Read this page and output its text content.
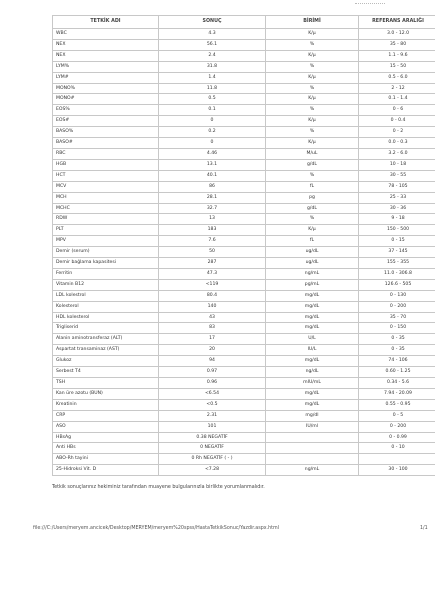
TETKİK ADI	SONUÇ	BİRİMİ	REFERANS ARALIĞI
WBC	4.3	K/µ	3.0 - 12.0
NEX	56.1	%	35 - 80
NEX	2.4	K/µ	1.1 - 9.6
LYM%	31.8	%	15 - 50
LYM#	1.4	K/µ	0.5 - 6.0
MONO%	11.8	%	2 - 12
MONO#	0.5	K/µ	0.1 - 1.4
EOS%	0.1	%	0 - 6
EOS#	0	K/µ	0 - 0.4
BASO%	0.2	%	0 - 2
BASO#	0	K/µ	0.0 - 0.3
RBC	4.46	M/uL	3.2 - 6.0
HGB	13.1	g/dL	10 - 18
HCT	40.1	%	30 - 55
MCV	86	fL	78 - 105
MCH	28.1	pg	25 - 33
MCHC	32.7	g/dL	30 - 36
RDW	13	%	9 - 18
PLT	183	K/µ	150 - 500
MPV	7.6	fL	0 - 15
Demir (serum)	50	ug/dL	37 - 145
Demir bağlama kapasitesi	287	ug/dL	155 - 355
Ferritin	47.3	ng/mL	11.0 - 306.8
Vitamin B12	<119	pg/mL	126.6 - 505
LDL kolestrol	80.4	mg/dL	0 - 130
Kolesterol	140	mg/dL	0 - 200
HDL kolesterol	43	mg/dL	35 - 70
Trigliserid	83	mg/dL	0 - 150
Alanin aminotransferaz (ALT)	17	U/L	0 - 35
Aspartat transaminaz (AST)	20	IU/L	0 - 35
Glukoz	94	mg/dL	74 - 106
Serbest T4	0.97	ng/dL	0.60 - 1.25
TSH	0.96	mIU/mL	0.34 - 5.6
Kan üre azotu (BUN)	<6.54	mg/dL	7.94 - 20.09
Kreatinin	<0.5	mg/dL	0.55 - 0.95
CRP	2.31	mg/dl	0 - 5
ASO	101	IU/ml	0 - 200
HBsAg	0.38 NEGATİF		0 - 0.99
Anti HBs	0 NEGATİF		0 - 10
ABO-Rh tayini	0 Rh NEGATİF ( - )		
25-Hidroksi Vit. D	<7.28	ng/mL	30 - 100
Tetkik sonuçlarınız hekiminiz tarafından muayene bulgularınızla birlikte yorumlanmalıdır.
file:///C:/Users/meryem.ancicek/Desktop/MERYEM/meryem%20spss/HastaTetkikSonuc/Yazdir.aspx.html	1/1
